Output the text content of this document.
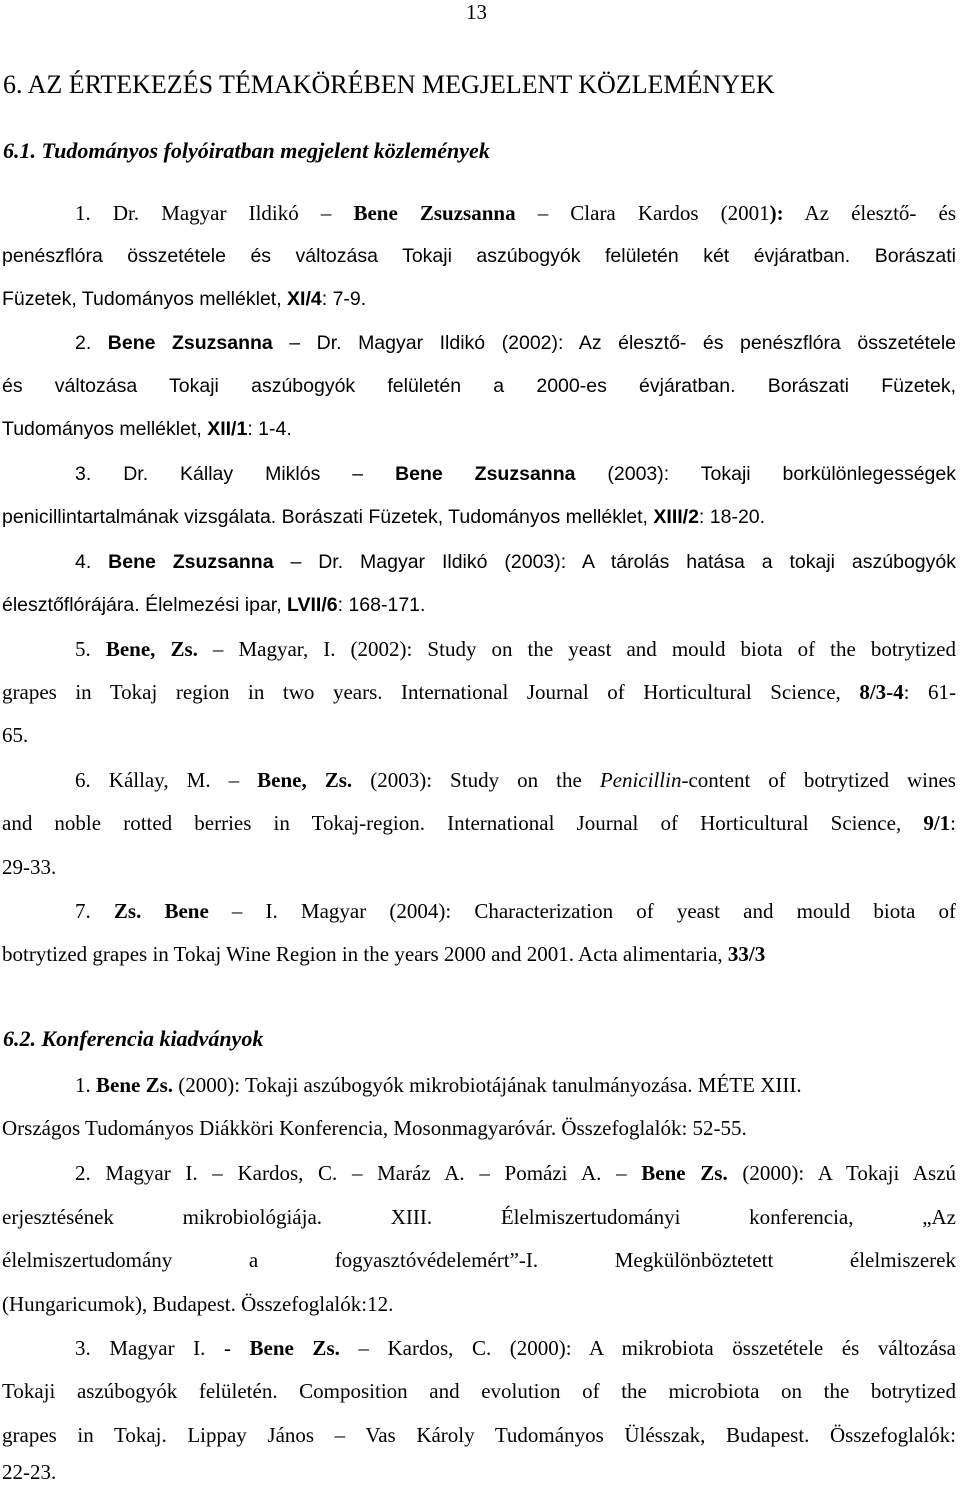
13
6. AZ ÉRTEKEZÉS TÉMAKÖRÉBEN MEGJELENT KÖZLEMÉNYEK
6.1. Tudományos folyóiratban megjelent közlemények
1. Dr. Magyar Ildikó – Bene Zsuzsanna – Clara Kardos (2001): Az élesztő- és
penészflóra összetétele és változása Tokaji aszúbogyók felületén két évjáratban. Borászati
Füzetek, Tudományos melléklet, XI/4: 7-9.
2. Bene Zsuzsanna – Dr. Magyar Ildikó (2002): Az élesztő- és penészflóra összetétele
és változása Tokaji aszúbogyók felületén a 2000-es évjáratban. Borászati Füzetek,
Tudományos melléklet, XII/1: 1-4.
3. Dr. Kállay Miklós – Bene Zsuzsanna (2003): Tokaji borkülönlegességek
penicillintartalmának vizsgálata. Borászati Füzetek, Tudományos melléklet, XIII/2: 18-20.
4. Bene Zsuzsanna – Dr. Magyar Ildikó (2003): A tárolás hatása a tokaji aszúbogyók
élesztőflórájára. Élelmezési ipar, LVII/6: 168-171.
5. Bene, Zs. – Magyar, I. (2002): Study on the yeast and mould biota of the botrytized
grapes in Tokaj region in two years. International Journal of Horticultural Science, 8/3-4: 61-
65.
6. Kállay, M. – Bene, Zs. (2003): Study on the Penicillin-content of botrytized wines
and noble rotted berries in Tokaj-region. International Journal of Horticultural Science, 9/1:
29-33.
7. Zs. Bene – I. Magyar (2004): Characterization of yeast and mould biota of
botrytized grapes in Tokaj Wine Region in the years 2000 and 2001. Acta alimentaria, 33/3
6.2. Konferencia kiadványok
1. Bene Zs. (2000): Tokaji aszúbogyók mikrobiotájának tanulmányozása. MÉTE XIII.
Országos Tudományos Diákköri Konferencia, Mosonmagyaróvár. Összefoglalók: 52-55.
2. Magyar I. – Kardos, C. – Maráz A. – Pomázi A. – Bene Zs. (2000): A Tokaji Aszú
erjesztésének mikrobiológiája. XIII. Élelmiszertudományi konferencia, „Az
élelmiszertudomány a fogyasztóvédelemért”-I. Megkülönböztetett élelmiszerek
(Hungaricumok), Budapest. Összefoglalók:12.
3. Magyar I. - Bene Zs. – Kardos, C. (2000): A mikrobiota összetétele és változása
Tokaji aszúbogyók felületén. Composition and evolution of the microbiota on the botrytized
grapes in Tokaj. Lippay János – Vas Károly Tudományos Ülésszak, Budapest. Összefoglalók:
22-23.
